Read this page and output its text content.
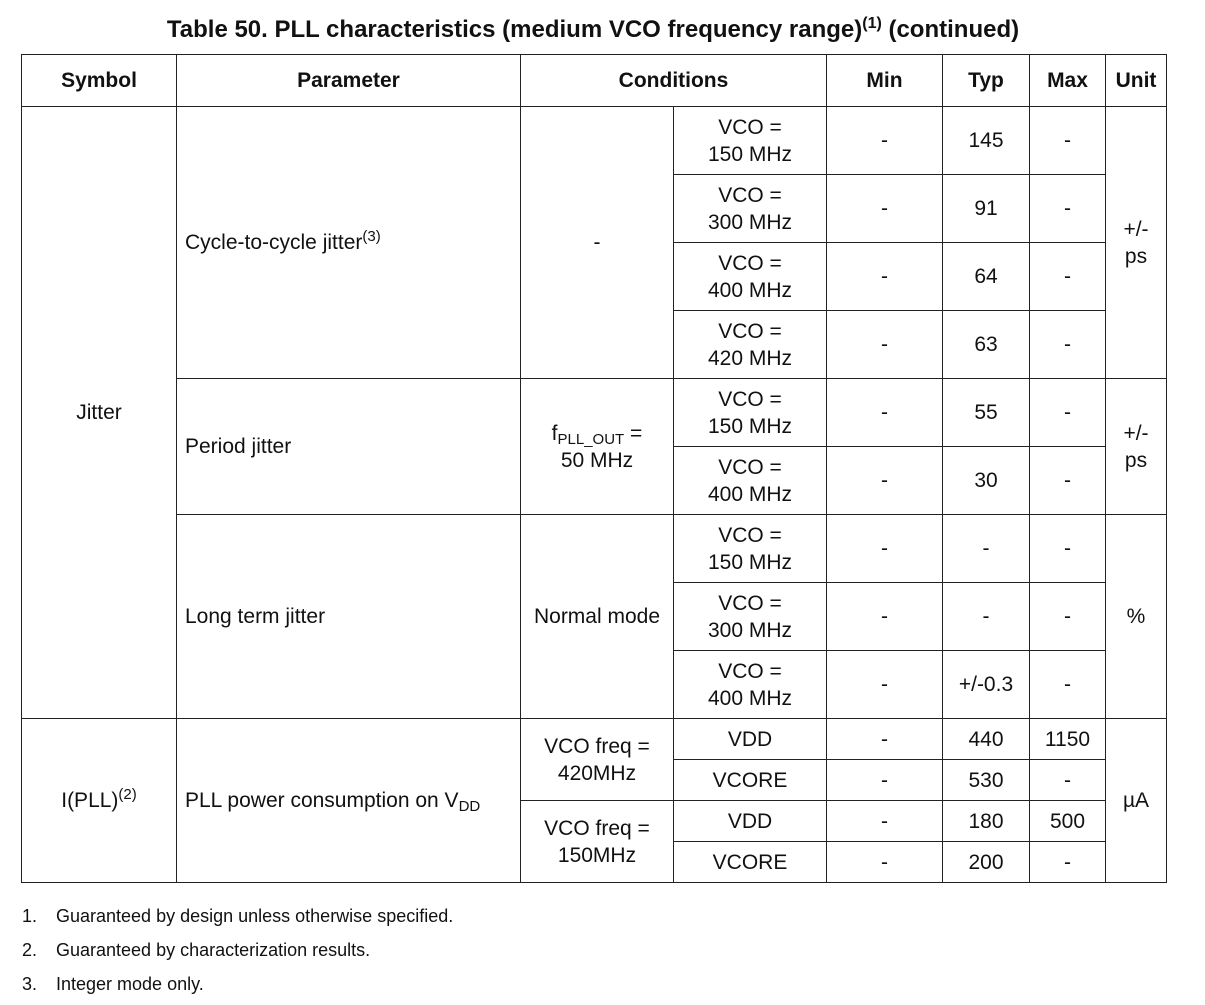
Table 50. PLL characteristics (medium VCO frequency range)$^{(1)}$ (continued)
Symbol	Parameter	Conditions		Min	Typ	Max	Unit
Jitter	Cycle-to-cycle jitter$^{(3)}$	-	VCO =
150 MHz	-	145	-	+/-
ps
			VCO =
300 MHz	-	91	-	
			VCO =
400 MHz	-	64	-	
			VCO =
420 MHz	-	63	-	
	Period jitter	$f_{PLL\_OUT}$ =
50 MHz	VCO =
150 MHz	-	55	-	+/-
ps
			VCO =
400 MHz	-	30	-	
	Long term jitter	Normal mode	VCO =
150 MHz	-	-	-	%
			VCO =
300 MHz	-	-	-	
			VCO =
400 MHz	-	+/-0.3	-	
I(PLL)$^{(2)}$	PLL power consumption on $V_{DD}$	VCO freq =
420MHz	VDD	-	440	1150	µA
			VCORE	-	530	-	
		VCO freq =
150MHz	VDD	-	180	500	
			VCORE	-	200	-	
1.	Guaranteed by design unless otherwise specified.
2.	Guaranteed by characterization results.
3.	Integer mode only.
